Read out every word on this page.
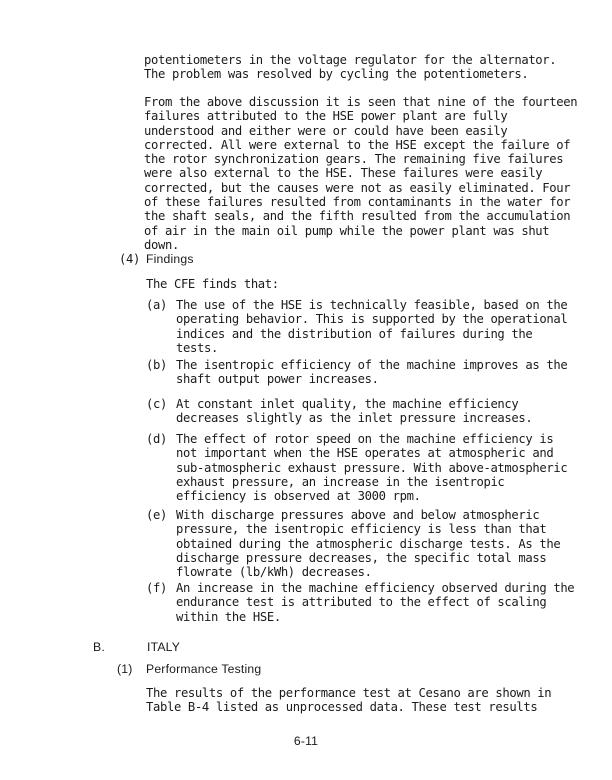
potentiometers in the voltage regulator for the alternator.
The problem was resolved by cycling the potentiometers.

From the above discussion it is seen that nine of the fourteen
failures attributed to the HSE power plant are fully
understood and either were or could have been easily
corrected. All were external to the HSE except the failure of
the rotor synchronization gears. The remaining five failures
were also external to the HSE. These failures were easily
corrected, but the causes were not as easily eliminated. Four
of these failures resulted from contaminants in the water for
the shaft seals, and the fifth resulted from the accumulation
of air in the main oil pump while the power plant was shut
down.

(4) Findings

The CFE finds that:

(a) The use of the HSE is technically feasible, based on the
operating behavior. This is supported by the operational
indices and the distribution of failures during the
tests.

(b) The isentropic efficiency of the machine improves as the
shaft output power increases.

(c) At constant inlet quality, the machine efficiency
decreases slightly as the inlet pressure increases.

(d) The effect of rotor speed on the machine efficiency is
not important when the HSE operates at atmospheric and
sub-atmospheric exhaust pressure. With above-atmospheric
exhaust pressure, an increase in the isentropic
efficiency is observed at 3000 rpm.

(e) With discharge pressures above and below atmospheric
pressure, the isentropic efficiency is less than that
obtained during the atmospheric discharge tests. As the
discharge pressure decreases, the specific total mass
flowrate (lb/kWh) decreases.

(f) An increase in the machine efficiency observed during the
endurance test is attributed to the effect of scaling
within the HSE.

B.	ITALY
(1) Performance Testing

The results of the performance test at Cesano are shown in
Table B-4 listed as unprocessed data. These test results

6-11
